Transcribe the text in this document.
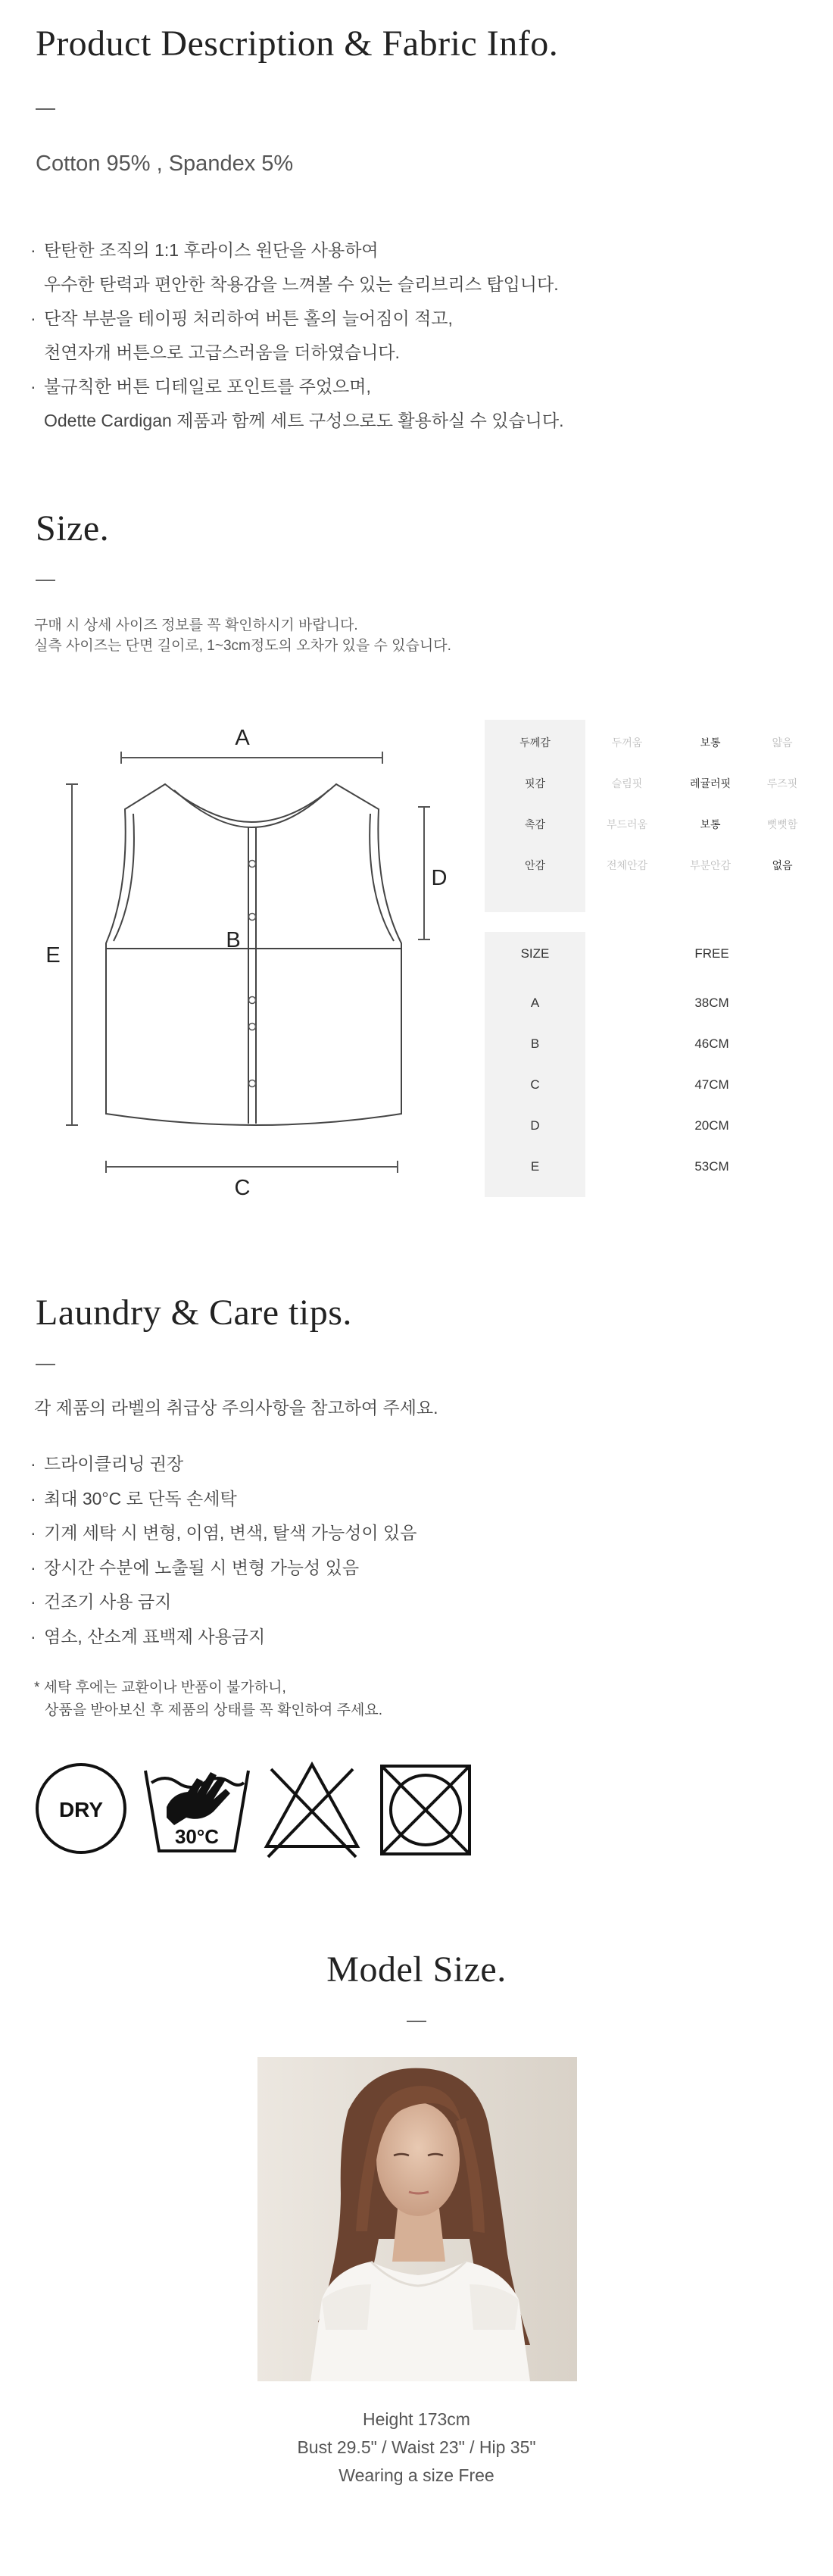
Product Description & Fabric Info.
Cotton 95% , Spandex 5%
· 탄탄한 조직의 1:1 후라이스 원단을 사용하여
우수한 탄력과 편안한 착용감을 느껴볼 수 있는 슬리브리스 탑입니다.
· 단작 부분을 테이핑 처리하여 버튼 홀의 늘어짐이 적고,
천연자개 버튼으로 고급스러움을 더하였습니다.
· 불규칙한 버튼 디테일로 포인트를 주었으며,
Odette Cardigan 제품과 함께 세트 구성으로도 활용하실 수 있습니다.
Size.
구매 시 상세 사이즈 정보를 꼭 확인하시기 바랍니다.
실측 사이즈는 단면 길이로, 1~3cm정도의 오차가 있을 수 있습니다.
A
B
C
D
E
두께감	두꺼움	보통	얇음
핏감	슬림핏	레귤러핏	루즈핏
촉감	부드러움	보통	뻣뻣함
안감	전체안감	부분안감	없음
SIZE	FREE
A	38CM
B	46CM
C	47CM
D	20CM
E	53CM
Laundry & Care tips.
각 제품의 라벨의 취급상 주의사항을 참고하여 주세요.
· 드라이클리닝 권장
· 최대 30°C 로 단독 손세탁
· 기계 세탁 시 변형, 이염, 변색, 탈색 가능성이 있음
· 장시간 수분에 노출될 시 변형 가능성 있음
· 건조기 사용 금지
· 염소, 산소계 표백제 사용금지
* 세탁 후에는 교환이나 반품이 불가하니,
상품을 받아보신 후 제품의 상태를 꼭 확인하여 주세요.
DRY
30°C
Model Size.
Height 173cm
Bust 29.5" / Waist 23" / Hip 35"
Wearing a size Free
